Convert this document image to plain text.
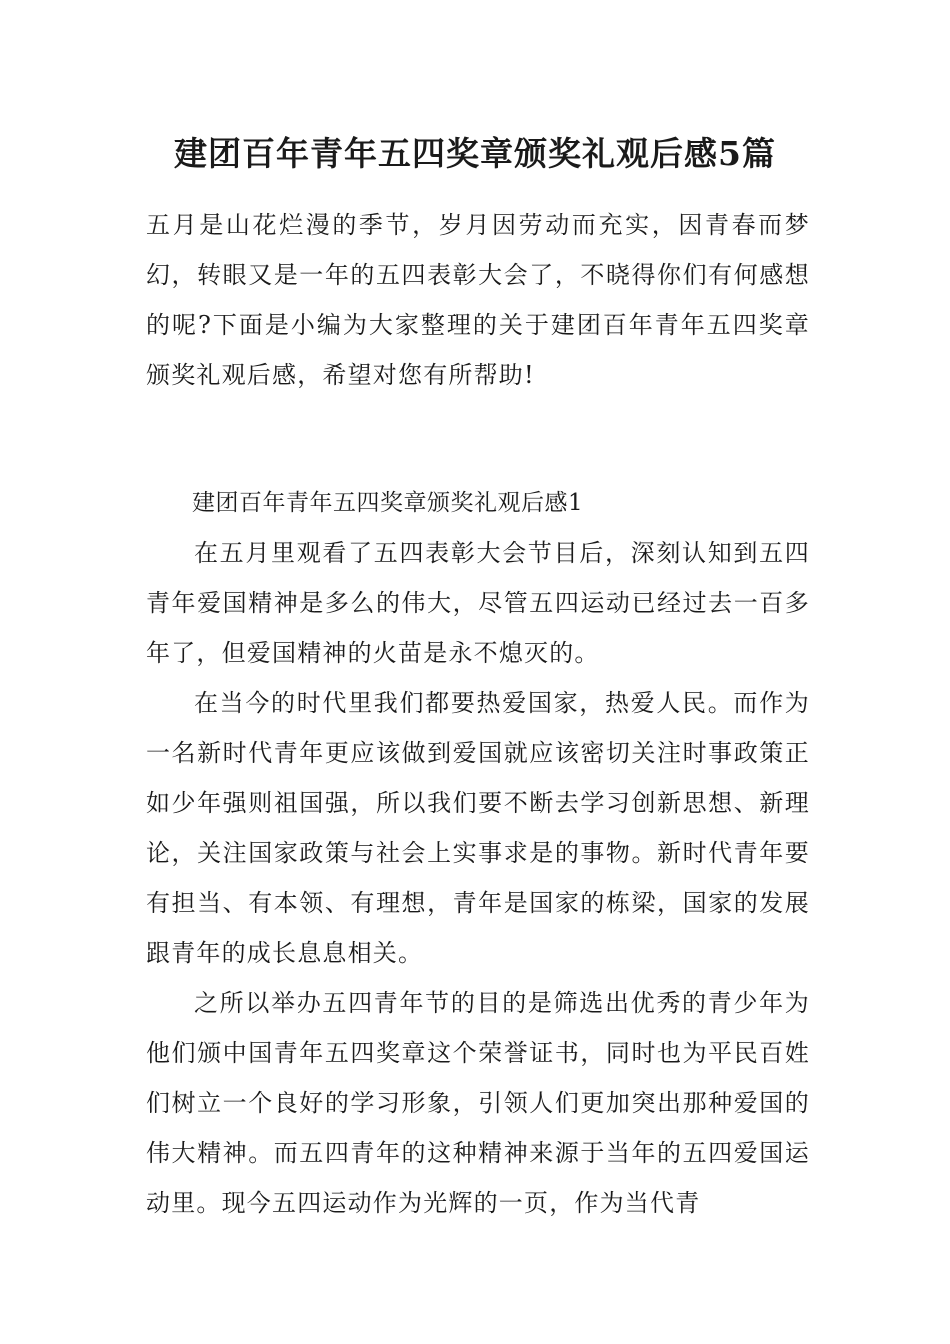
建团百年青年五四奖章颁奖礼观后感5篇

五月是山花烂漫的季节，岁月因劳动而充实，因青春而梦幻，转眼又是一年的五四表彰大会了，不晓得你们有何感想的呢?下面是小编为大家整理的关于建团百年青年五四奖章颁奖礼观后感，希望对您有所帮助!

建团百年青年五四奖章颁奖礼观后感1

在五月里观看了五四表彰大会节目后，深刻认知到五四青年爱国精神是多么的伟大，尽管五四运动已经过去一百多年了，但爱国精神的火苗是永不熄灭的。

在当今的时代里我们都要热爱国家，热爱人民。而作为一名新时代青年更应该做到爱国就应该密切关注时事政策正如少年强则祖国强，所以我们要不断去学习创新思想、新理论，关注国家政策与社会上实事求是的事物。新时代青年要有担当、有本领、有理想，青年是国家的栋梁，国家的发展跟青年的成长息息相关。

之所以举办五四青年节的目的是筛选出优秀的青少年为他们颁中国青年五四奖章这个荣誉证书，同时也为平民百姓们树立一个良好的学习形象，引领人们更加突出那种爱国的伟大精神。而五四青年的这种精神来源于当年的五四爱国运动里。现今五四运动作为光辉的一页，作为当代青
